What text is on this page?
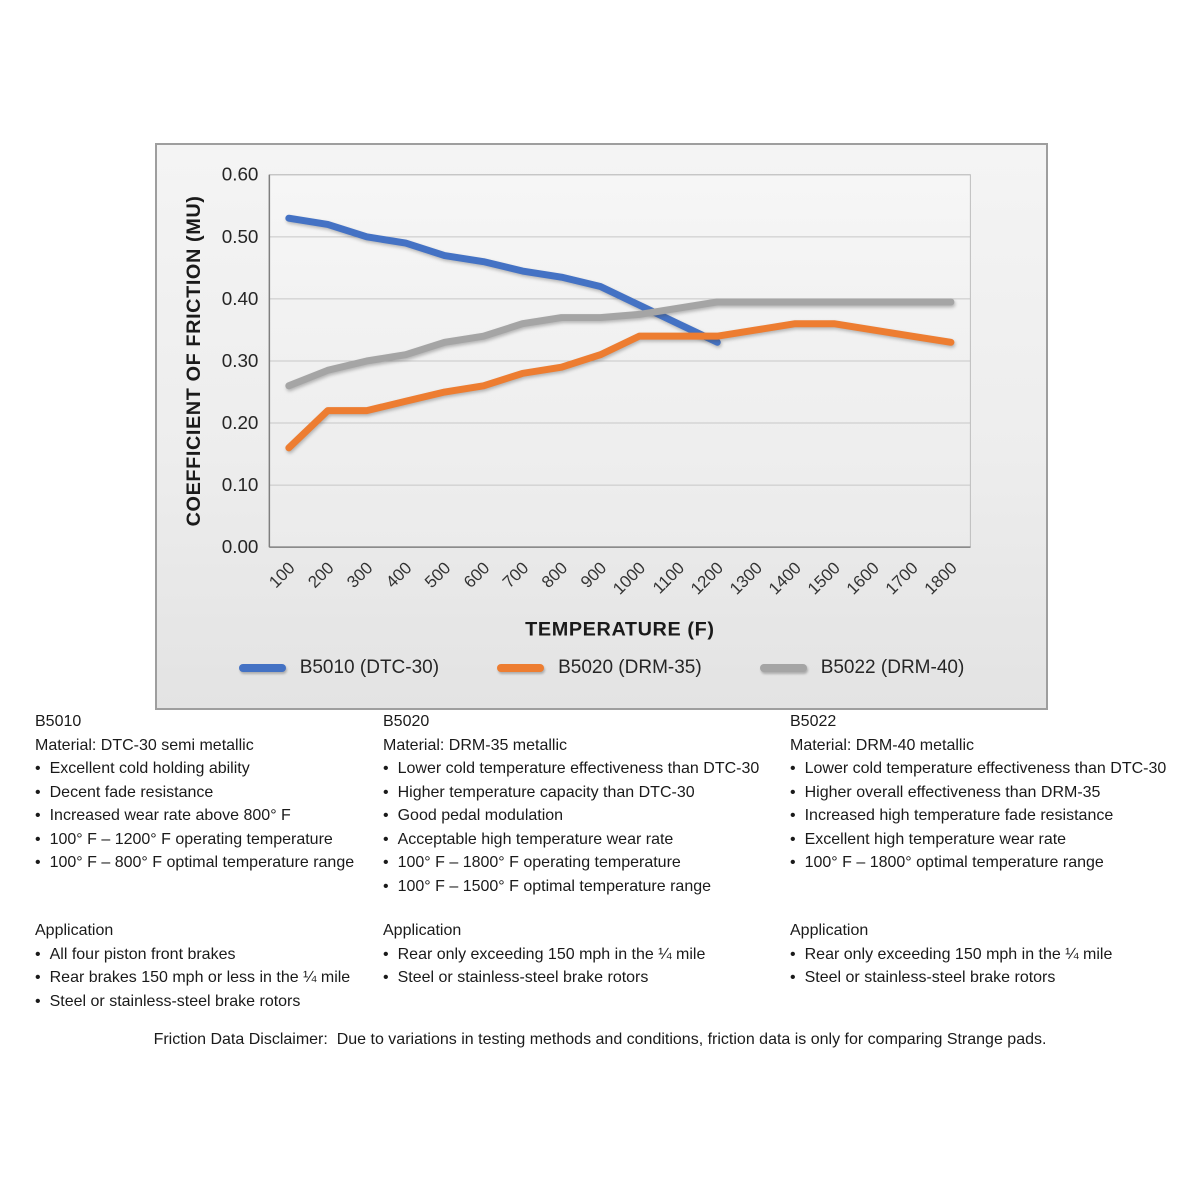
0.00
0.10
0.20
0.30
0.40
0.50
0.60
100 200 300 400 500 600 700 800 900
1000 1100
1200
1300
1400
1500
1600
1700
1800
TEMPERATURE (F)
COEFFICIENT OF FRICTION (MU)
B5010 (DTC-30)	B5020 (DRM-35)	B5022 (DRM-40)
B5010
Material: DTC-30 semi metallic
• Excellent cold holding ability
• Decent fade resistance
• Increased wear rate above 800° F
• 100° F – 1200° F operating temperature
• 100° F – 800° F optimal temperature range
Application
• All four piston front brakes
• Rear brakes 150 mph or less in the ¼ mile
• Steel or stainless-steel brake rotors
B5020
Material: DRM-35 metallic
• Lower cold temperature effectiveness than DTC-30
• Higher temperature capacity than DTC-30
• Good pedal modulation
• Acceptable high temperature wear rate
• 100° F – 1800° F operating temperature
• 100° F – 1500° F optimal temperature range
Application
• Rear only exceeding 150 mph in the ¼ mile
• Steel or stainless-steel brake rotors
B5022
Material: DRM-40 metallic
• Lower cold temperature effectiveness than DTC-30
• Higher overall effectiveness than DRM-35
• Increased high temperature fade resistance
• Excellent high temperature wear rate
• 100° F – 1800° optimal temperature range
Application
• Rear only exceeding 150 mph in the ¼ mile
• Steel or stainless-steel brake rotors
Friction Data Disclaimer:  Due to variations in testing methods and conditions, friction data is only for comparing Strange pads.
